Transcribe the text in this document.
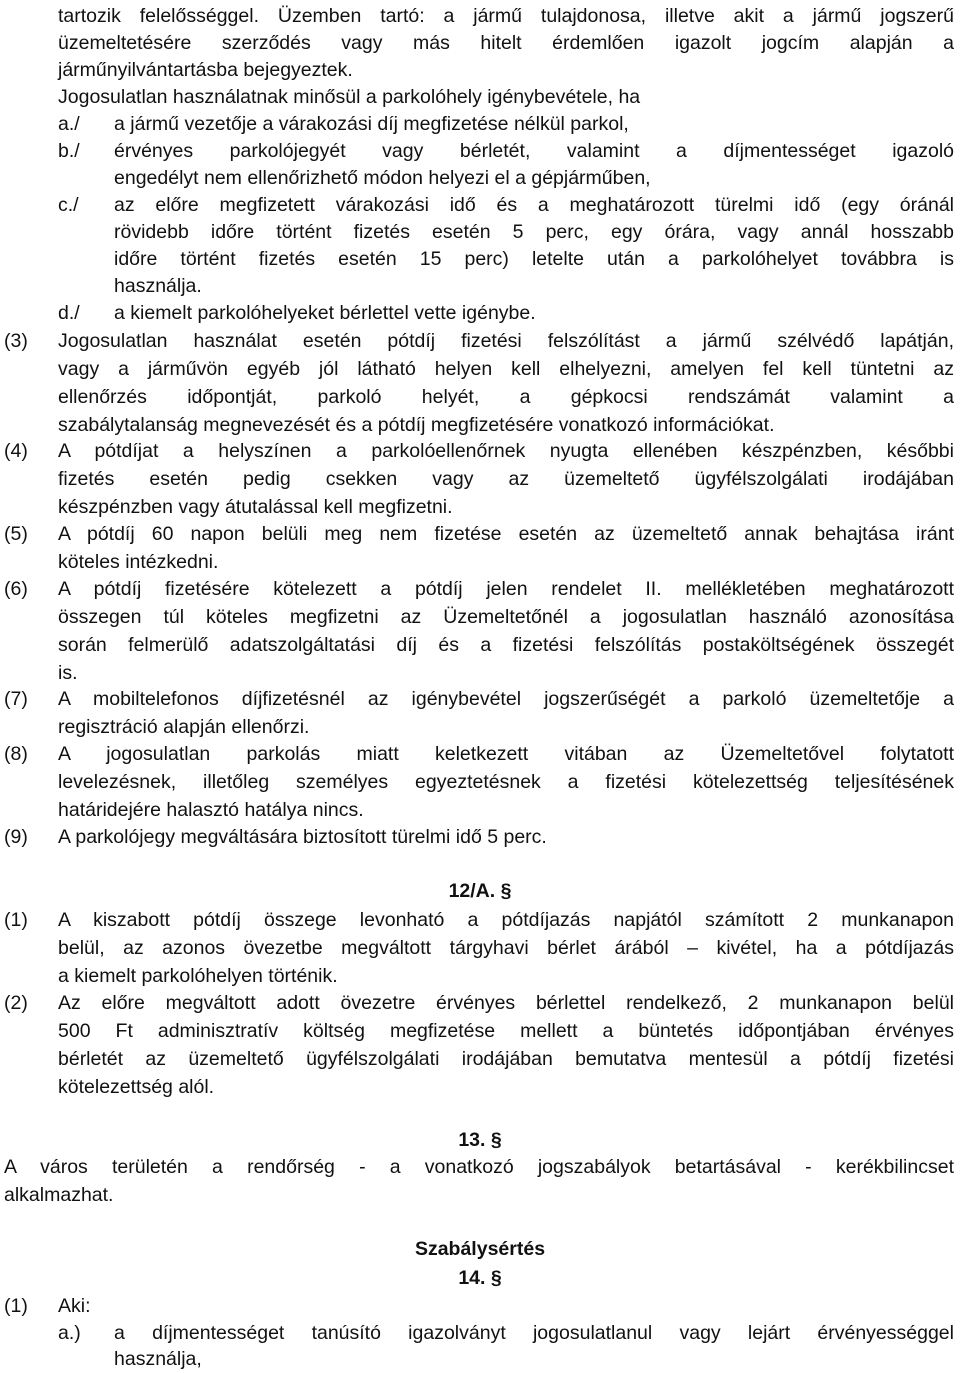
tartozik felelősséggel. Üzemben tartó: a jármű tulajdonosa, illetve akit a jármű jogszerű
üzemeltetésére szerződés vagy más hitelt érdemlően igazolt jogcím alapján a
járműnyilvántartásba bejegyeztek.
Jogosulatlan használatnak minősül a parkolóhely igénybevétele, ha
a./ a jármű vezetője a várakozási díj megfizetése nélkül parkol,
b./ érvényes parkolójegyét vagy bérletét, valamint a díjmentességet igazoló
engedélyt nem ellenőrizhető módon helyezi el a gépjárműben,
c./ az előre megfizetett várakozási idő és a meghatározott türelmi idő (egy óránál
rövidebb időre történt fizetés esetén 5 perc, egy órára, vagy annál hosszabb
időre történt fizetés esetén 15 perc) letelte után a parkolóhelyet továbbra is
használja.
d./ a kiemelt parkolóhelyeket bérlettel vette igénybe.
(3) Jogosulatlan használat esetén pótdíj fizetési felszólítást a jármű szélvédő lapátján,
vagy a járművön egyéb jól látható helyen kell elhelyezni, amelyen fel kell tüntetni az
ellenőrzés időpontját, parkoló helyét, a gépkocsi rendszámát valamint a
szabálytalanság megnevezését és a pótdíj megfizetésére vonatkozó információkat.
(4) A pótdíjat a helyszínen a parkolóellenőrnek nyugta ellenében készpénzben, későbbi
fizetés esetén pedig csekken vagy az üzemeltető ügyfélszolgálati irodájában
készpénzben vagy átutalással kell megfizetni.
(5) A pótdíj 60 napon belüli meg nem fizetése esetén az üzemeltető annak behajtása iránt
köteles intézkedni.
(6) A pótdíj fizetésére kötelezett a pótdíj jelen rendelet II. mellékletében meghatározott
összegen túl köteles megfizetni az Üzemeltetőnél a jogosulatlan használó azonosítása
során felmerülő adatszolgáltatási díj és a fizetési felszólítás postaköltségének összegét
is.
(7) A mobiltelefonos díjfizetésnél az igénybevétel jogszerűségét a parkoló üzemeltetője a
regisztráció alapján ellenőrzi.
(8) A jogosulatlan parkolás miatt keletkezett vitában az Üzemeltetővel folytatott
levelezésnek, illetőleg személyes egyeztetésnek a fizetési kötelezettség teljesítésének
határidejére halasztó hatálya nincs.
(9) A parkolójegy megváltására biztosított türelmi idő 5 perc.
12/A. §
(1) A kiszabott pótdíj összege levonható a pótdíjazás napjától számított 2 munkanapon
belül, az azonos övezetbe megváltott tárgyhavi bérlet árából – kivétel, ha a pótdíjazás
a kiemelt parkolóhelyen történik.
(2) Az előre megváltott adott övezetre érvényes bérlettel rendelkező, 2 munkanapon belül
500 Ft adminisztratív költség megfizetése mellett a büntetés időpontjában érvényes
bérletét az üzemeltető ügyfélszolgálati irodájában bemutatva mentesül a pótdíj fizetési
kötelezettség alól.
13. §
A város területén a rendőrség - a vonatkozó jogszabályok betartásával - kerékbilincset
alkalmazhat.
Szabálysértés
14. §
(1) Aki:
a.) a díjmentességet tanúsító igazolványt jogosulatlanul vagy lejárt érvényességgel
használja,
